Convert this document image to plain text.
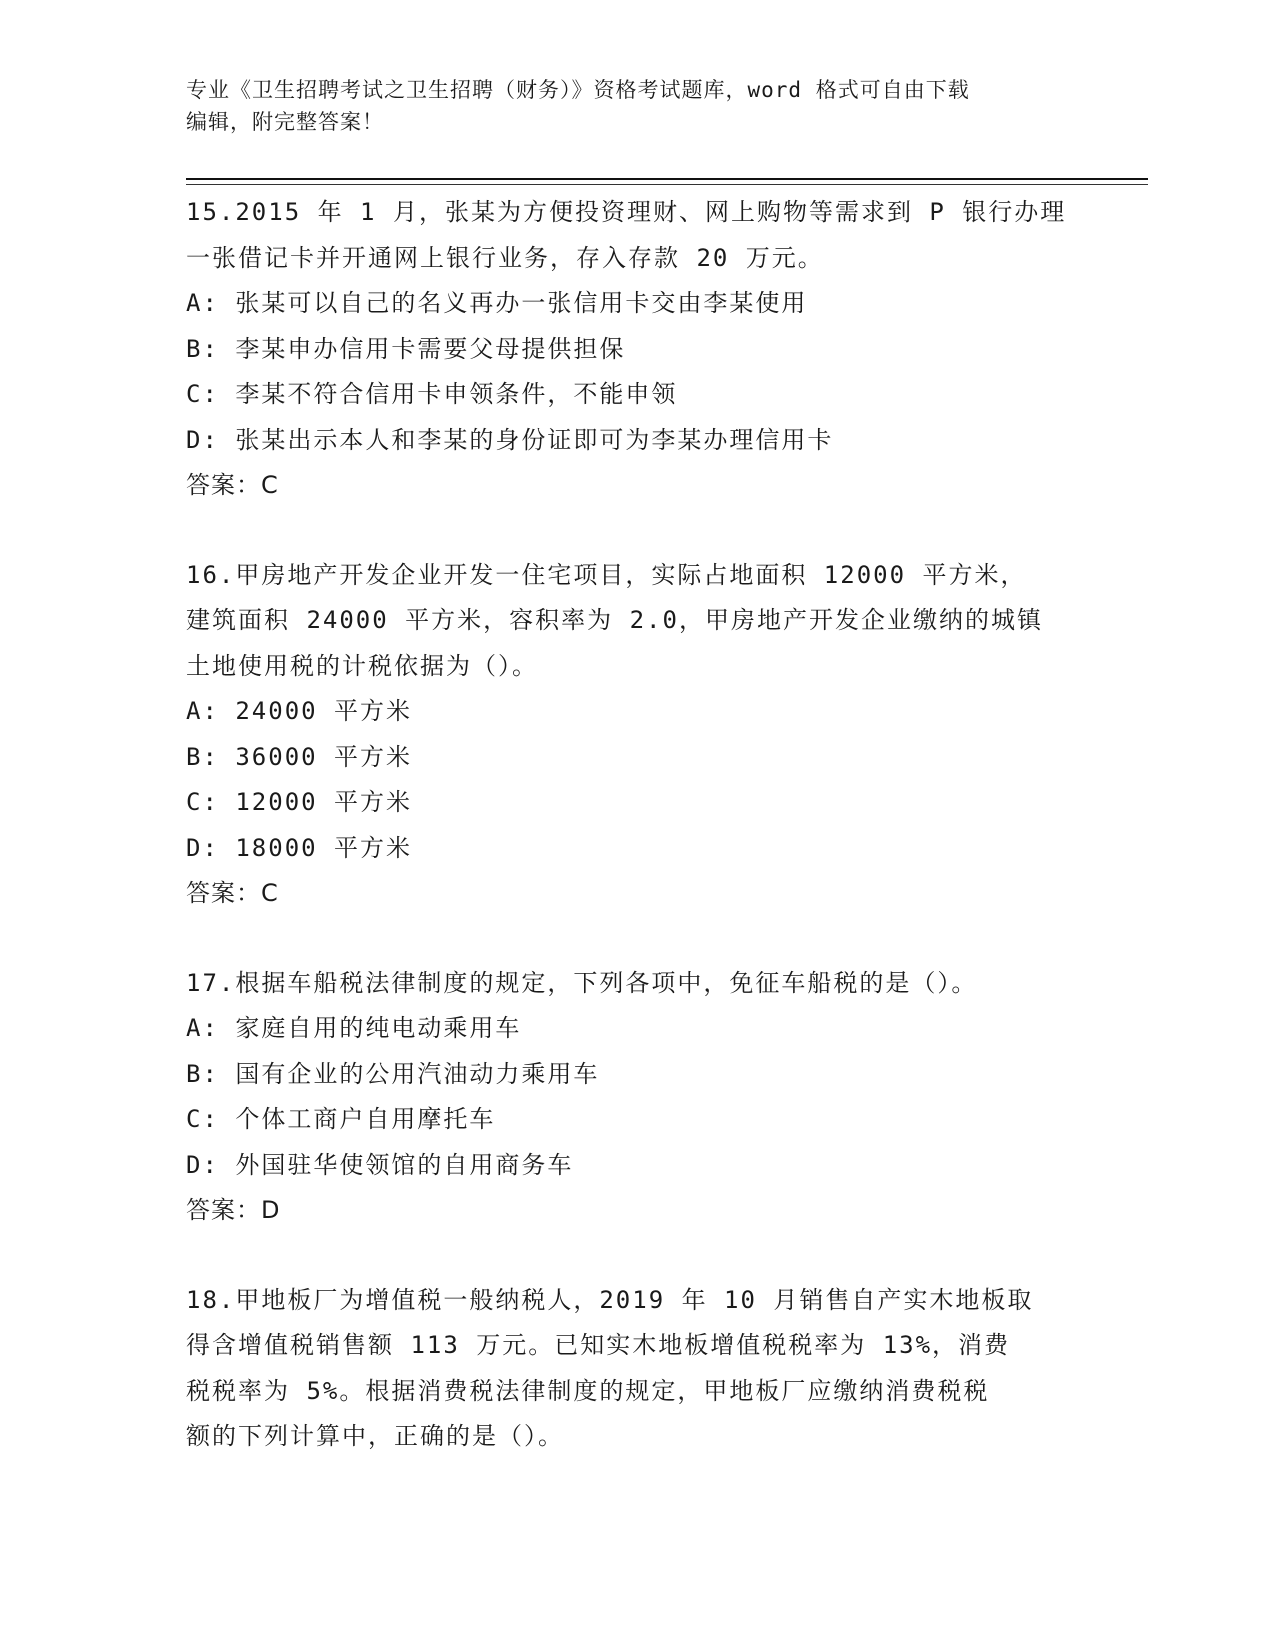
专业《卫生招聘考试之卫生招聘（财务）》资格考试题库，word 格式可自由下载
编辑，附完整答案！

15.2015 年 1 月，张某为方便投资理财、网上购物等需求到 P 银行办理

一张借记卡并开通网上银行业务，存入存款 20 万元。

A: 张某可以自己的名义再办一张信用卡交由李某使用

B: 李某申办信用卡需要父母提供担保

C: 李某不符合信用卡申领条件，不能申领

D: 张某出示本人和李某的身份证即可为李某办理信用卡

答案：C

16.甲房地产开发企业开发一住宅项目，实际占地面积 12000 平方米，

建筑面积 24000 平方米，容积率为 2.0，甲房地产开发企业缴纳的城镇

土地使用税的计税依据为（）。

A: 24000 平方米

B: 36000 平方米

C: 12000 平方米

D: 18000 平方米

答案：C

17.根据车船税法律制度的规定，下列各项中，免征车船税的是（）。

A: 家庭自用的纯电动乘用车

B: 国有企业的公用汽油动力乘用车

C: 个体工商户自用摩托车

D: 外国驻华使领馆的自用商务车

答案：D

18.甲地板厂为增值税一般纳税人，2019 年 10 月销售自产实木地板取

得含增值税销售额 113 万元。已知实木地板增值税税率为 13%，消费

税税率为 5%。根据消费税法律制度的规定，甲地板厂应缴纳消费税税

额的下列计算中，正确的是（）。
